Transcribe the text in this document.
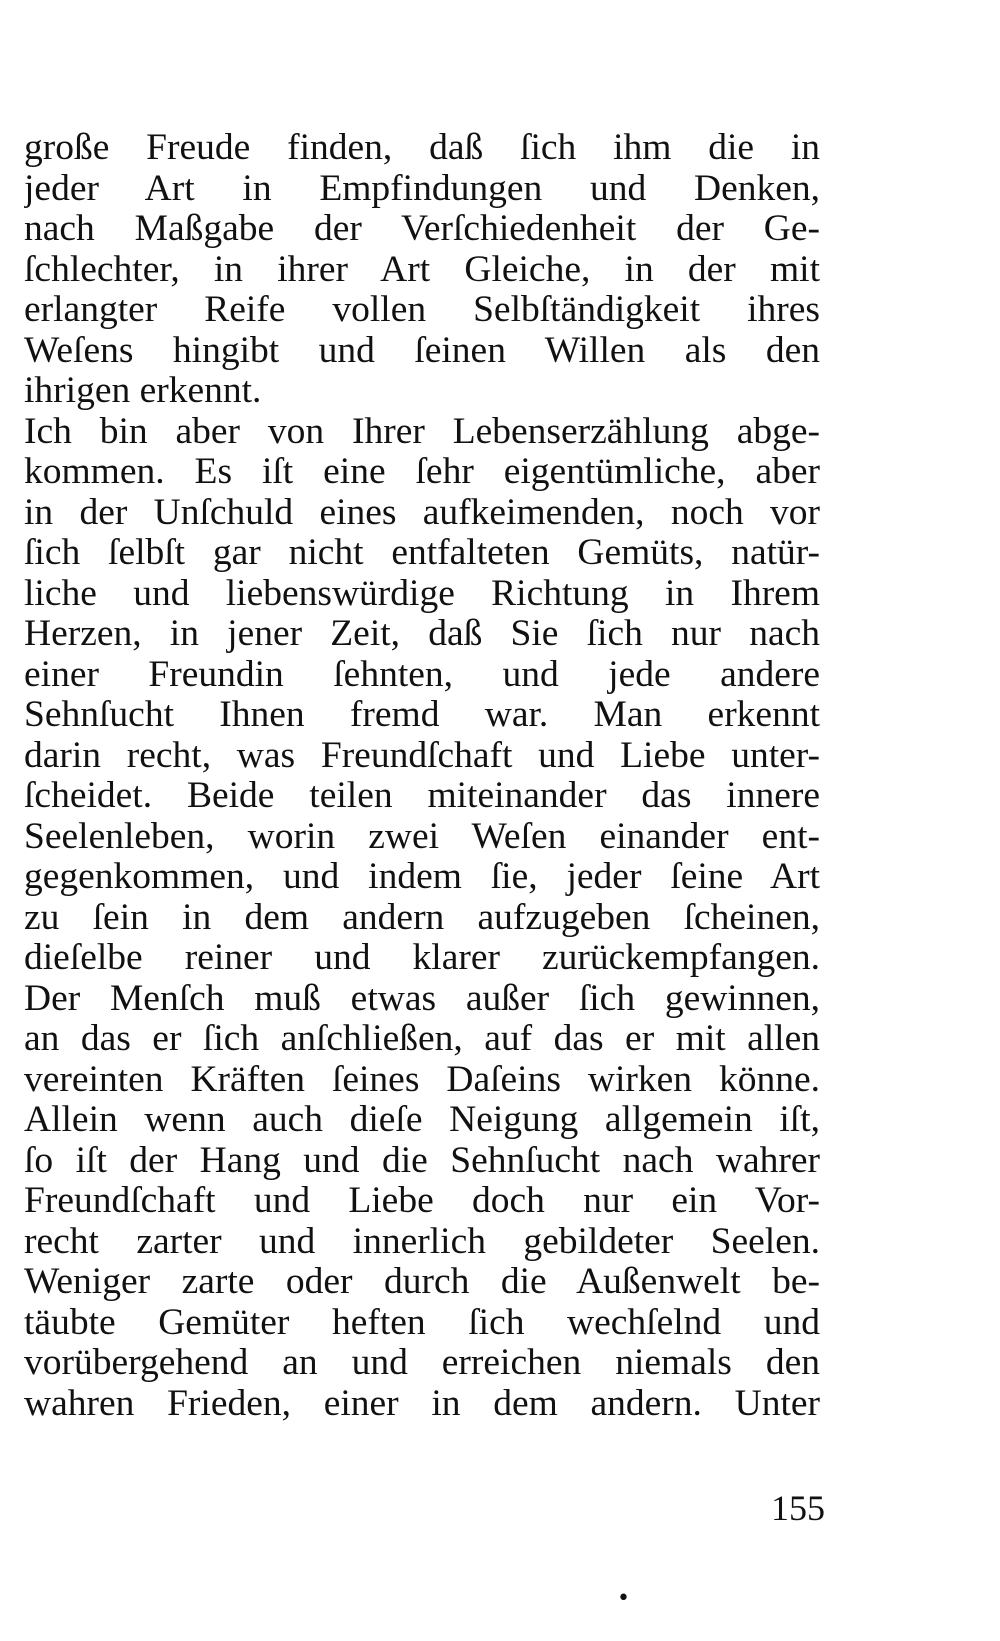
große Freude finden, daß ſich ihm die in
jeder Art in Empfindungen und Denken,
nach Maßgabe der Verſchiedenheit der Ge-
ſchlechter, in ihrer Art Gleiche, in der mit
erlangter Reife vollen Selbſtändigkeit ihres
Weſens hingibt und ſeinen Willen als den
ihrigen erkennt.
Ich bin aber von Ihrer Lebenserzählung abge-
kommen. Es iſt eine ſehr eigentümliche, aber
in der Unſchuld eines aufkeimenden, noch vor
ſich ſelbſt gar nicht entfalteten Gemüts, natür-
liche und liebenswürdige Richtung in Ihrem
Herzen, in jener Zeit, daß Sie ſich nur nach
einer Freundin ſehnten, und jede andere
Sehnſucht Ihnen fremd war. Man erkennt
darin recht, was Freundſchaft und Liebe unter-
ſcheidet. Beide teilen miteinander das innere
Seelenleben, worin zwei Weſen einander ent-
gegenkommen, und indem ſie, jeder ſeine Art
zu ſein in dem andern aufzugeben ſcheinen,
dieſelbe reiner und klarer zurückempfangen.
Der Menſch muß etwas außer ſich gewinnen,
an das er ſich anſchließen, auf das er mit allen
vereinten Kräften ſeines Daſeins wirken könne.
Allein wenn auch dieſe Neigung allgemein iſt,
ſo iſt der Hang und die Sehnſucht nach wahrer
Freundſchaft und Liebe doch nur ein Vor-
recht zarter und innerlich gebildeter Seelen.
Weniger zarte oder durch die Außenwelt be-
täubte Gemüter heften ſich wechſelnd und
vorübergehend an und erreichen niemals den
wahren Frieden, einer in dem andern. Unter
155
•
